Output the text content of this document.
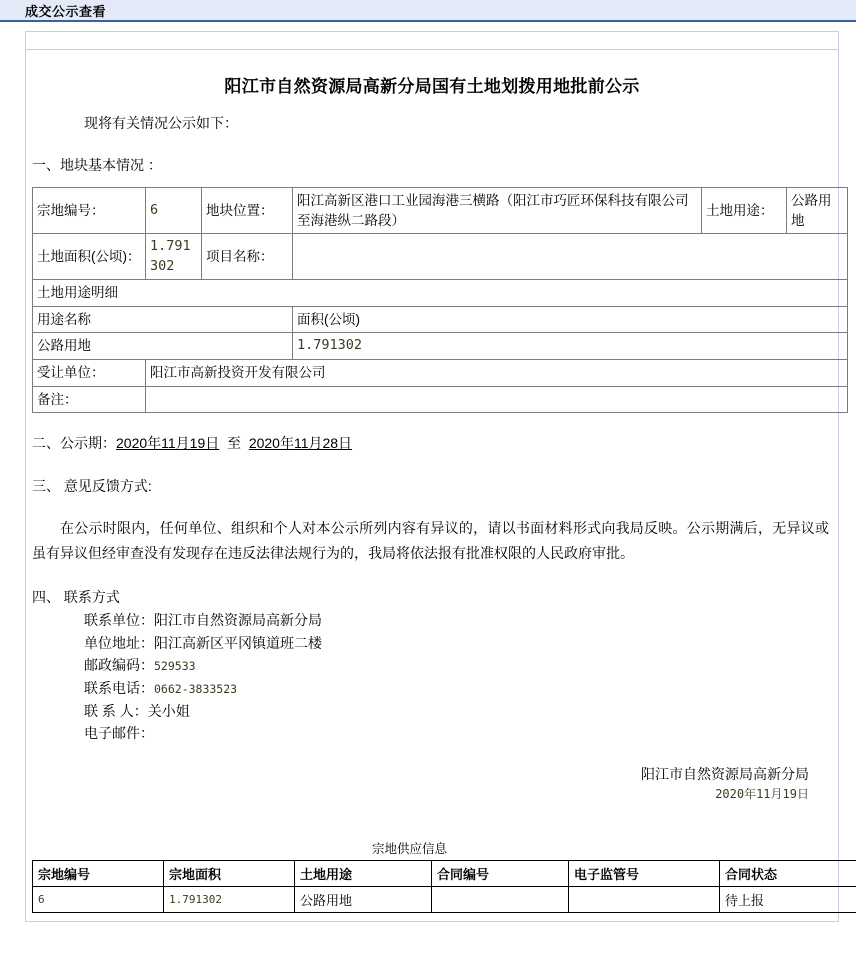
成交公示查看
阳江市自然资源局高新分局国有土地划拨用地批前公示
现将有关情况公示如下：
一、地块基本情况 ：
宗地编号：	6	地块位置：	阳江高新区港口工业园海港三横路（阳江市巧匠环保科技有限公司至海港纵二路段）	土地用途：	公路用地
土地面积(公顷)：	1.791302	项目名称：			
土地用途明细					
用途名称			面积(公顷)		
公路用地			1.791302		
受让单位：	阳江市高新投资开发有限公司				
备注：					
二、公示期：2020年11月19日 至 2020年11月28日
三、 意见反馈方式:
在公示时限内，任何单位、组织和个人对本公示所列内容有异议的，请以书面材料形式向我局反映。公示期满后，无异议或虽有异议但经审查没有发现存在违反法律法规行为的，我局将依法报有批准权限的人民政府审批。
四、 联系方式
联系单位：阳江市自然资源局高新分局
单位地址：阳江高新区平冈镇道班二楼
邮政编码：529533
联系电话：0662-3833523
联 系 人：关小姐
电子邮件：
阳江市自然资源局高新分局
2020年11月19日
宗地供应信息
宗地编号	宗地面积	土地用途	合同编号	电子监管号	合同状态
6	1.791302	公路用地			待上报
